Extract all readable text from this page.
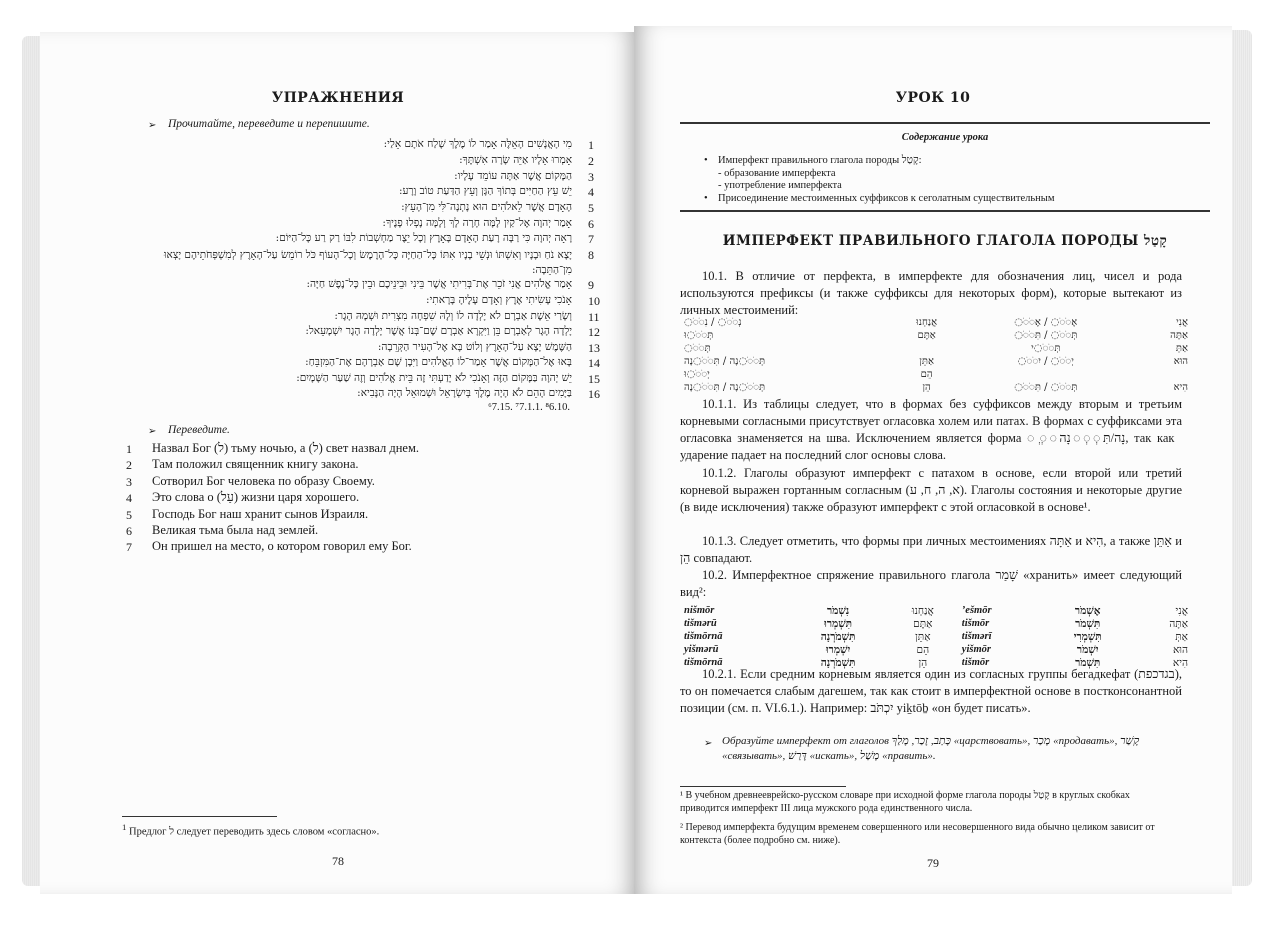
УПРАЖНЕНИЯ
➢ Прочитайте, переведите и перепишите.
1
מִי הָאֲנָשִׁים הָאֵלֶּה אָמַר לוֹ מֶלֶךְ שָׁלַח אֹתָם אֵלַי:
2
אָמְרוּ אֵלָיו אַיֵּה שָׂרָה אִשְׁתֶּךָ:
3
הַמָּקוֹם אֲשֶׁר אַתָּה עוֹמֵד עָלָיו:
4
יֵשׁ עֵץ הַחַיִּים בְּתוֹךְ הַגָּן וְעֵץ הַדַּעַת טוֹב וָרָע:
5
הָאָדָם אֲשֶׁר לֵאלֹהִים הוּא נָתְנָה־לִּי מִן־הָעֵץ:
6
אָמַר יְהוָה אֶל־קַיִן לָמָּה חָרָה לָךְ וְלָמָּה נָפְלוּ פָנֶיךָ:
7
רָאָה יְהוָה כִּי רַבָּה רָעַת הָאָדָם בָּאָרֶץ וְכָל יֵצֶר מַחְשְׁבוֹת לִבּוֹ רַק רַע כָּל־הַיּוֹם:
8
יָצָא נֹחַ וּבָנָיו וְאִשְׁתּוֹ וּנְשֵׁי בָנָיו אִתּוֹ כָּל־הַחַיָּה כָּל־הָרֶמֶשׂ וְכָל־הָעוֹף כֹּל רוֹמֵשׂ עַל־הָאָרֶץ לְמִשְׁפְּחֹתֵיהֶם יָצְאוּ מִן־הַתֵּבָה:
9
אָמַר אֱלֹהִים אֲנִי זֹכֵר אֶת־בְּרִיתִי אֲשֶׁר בֵּינִי וּבֵינֵיכֶם וּבֵין כָּל־נֶפֶשׁ חַיָּה:
10
אָנֹכִי עָשִׂיתִי אֶרֶץ וְאָדָם עָלֶיהָ בָּרָאתִי:
11
וְשָׂרַי אֵשֶׁת אַבְרָם לֹא יָלְדָה לוֹ וְלָהּ שִׁפְחָה מִצְרִית וּשְׁמָהּ הָגָר:
12
יָלְדָה הָגָר לְאַבְרָם בֵּן וַיִּקְרָא אַבְרָם שֶׁם־בְּנוֹ אֲשֶׁר יָלְדָה הָגָר יִשְׁמָעֵאל:
13
הַשֶּׁמֶשׁ יָצָא עַל־הָאָרֶץ וְלוֹט בָּא אֶל־הָעִיר הַקְּרֵבָה:
14
בָּאוּ אֶל־הַמָּקוֹם אֲשֶׁר אָמַר־לוֹ הָאֱלֹהִים וַיִּבֶן שָׁם אַבְרָהָם אֶת־הַמִּזְבֵּחַ:
15
יֵשׁ יְהוָה בַּמָּקוֹם הַזֶּה וְאָנֹכִי לֹא יָדַעְתִּי זֶה בֵּית אֱלֹהִים וְזֶה שַׁעַר הַשָּׁמָיִם:
16
בַּיָּמִים הָהֵם לֹא הָיָה מֶלֶךְ בְּיִשְׂרָאֵל וּשְׁמוּאֵל הָיָה הַנָּבִיא:
⁶7.15. ⁷7.1.1. ⁸6.10.
➢ Переведите.
1 Назвал Бог (ל) тьму ночью, а (ל) свет назвал днем.
2 Там положил священник книгу закона.
3 Сотворил Бог человека по образу Своему.
4 Это слова о (עַל) жизни царя хорошего.
5 Господь Бог наш хранит сынов Израиля.
6 Великая тьма была над землей.
7 Он пришел на место, о котором говорил ему Бог.
$^1$ Предлог ל следует переводить здесь словом «согласно».
78
УРОК 10
Содержание урока
• Имперфект правильного глагола породы קָטַל:
- образование имперфекта
- употребление имперфекта
• Присоединение местоименных суффиксов к сеголатным существительным
ИМПЕРФЕКТ ПРАВИЛЬНОГО ГЛАГОЛА ПОРОДЫ קָטַל
10.1. В отличие от перфекта, в имперфекте для обозначения лиц, чисел и рода используются префиксы (и также суффиксы для некоторых форм), которые вытекают из личных местоимений:
נְ◌ֹ◌ֹ◌ / נִ◌ֹ◌ֹ◌	אֲנַחְנוּ	אֶ◌ֹ◌ֹ◌ / אֶ◌ֹ◌ֹ◌	אֲנִי
תְּ◌ֹ◌ֹ◌וּ	אַתֶּם	תְּ◌ֹ◌ֹ◌ / תִּ◌ֹ◌ֹ◌	אַתָּה
תְּ◌ֹ◌ֹ◌		תְּ◌ֹ◌ֹ◌י	אַתְּ
תְּ◌ֹ◌ֹ◌נָה / תִּ◌ֹ◌ֹ◌נָה	אַתֵּן	יְ◌ֹ◌ֹ◌ / יִ◌ֹ◌ֹ◌	הוּא
יְ◌ֹ◌ֹ◌וּ	הֵם		
תְּ◌ֹ◌ֹ◌נָה / תִּ◌ֹ◌ֹ◌נָה	הֵן	תְּ◌ֹ◌ֹ◌ / תִּ◌ֹ◌ֹ◌	הִיא
10.1.1. Из таблицы следует, что в формах без суффиксов между вторым и третьим корневыми согласными присутствует огласовка холем или патах. В формах с суффиксами эта огласовка знаменяется на шва. Исключением является форма ◌ְ◌ְ◌נָה/תִּ◌ְ◌ְ◌נָה, так как ударение падает на последний слог основы слова.
10.1.2. Глаголы образуют имперфект с патахом в основе, если второй или третий корневой выражен гортанным согласным (א, ה, ח, ע). Глаголы состояния и некоторые другие (в виде исключения) также образуют имперфект с этой огласовкой в основе¹.
10.1.3. Следует отметить, что формы при личных местоимениях אַתָּה и הִיא, а также אַתֵּן и הֵן совпадают.
10.2. Имперфектное спряжение правильного глагола שָׁמַר «хранить» имеет следующий вид²:
nišmōr	נִשְׁמֹר	אֲנַחְנוּ	ʼešmōr	אֶשְׁמֹר	אֲנִי
tišmərū	תִּשְׁמְרוּ	אַתֶּם	tišmōr	תִּשְׁמֹר	אַתָּה
tišmōrnā	תִּשְׁמֹרְנָה	אַתֵּן	tišmərī	תִּשְׁמְרִי	אַתְּ
yišmərū	יִשְׁמְרוּ	הֵם	yišmōr	יִשְׁמֹר	הוּא
tišmōrnā	תִּשְׁמֹרְנָה	הֵן	tišmōr	תִּשְׁמֹר	הִיא
10.2.1. Если средним корневым является один из согласных группы бегадкефат (בגדכפת), то он помечается слабым дагешем, так как стоит в имперфектной основе в постконсонантной позиции (см. п. VI.6.1.). Например: יִכְתֹּב yiḵtōḇ «он будет писать».
➢ Образуйте имперфект от глаголов כָּתַב, זָכַר, מָלַךְ «царствовать», מָכַר «продавать», קָשַׁר «связывать», דָּרַשׁ «искать», מָשַׁל «править».
¹ В учебном древнееврейско-русском словаре при исходной форме глагола породы קָטַל в круглых скобках приводится имперфект III лица мужского рода единственного числа.
² Перевод имперфекта будущим временем совершенного или несовершенного вида обычно целиком зависит от контекста (более подробно см. ниже).
79
